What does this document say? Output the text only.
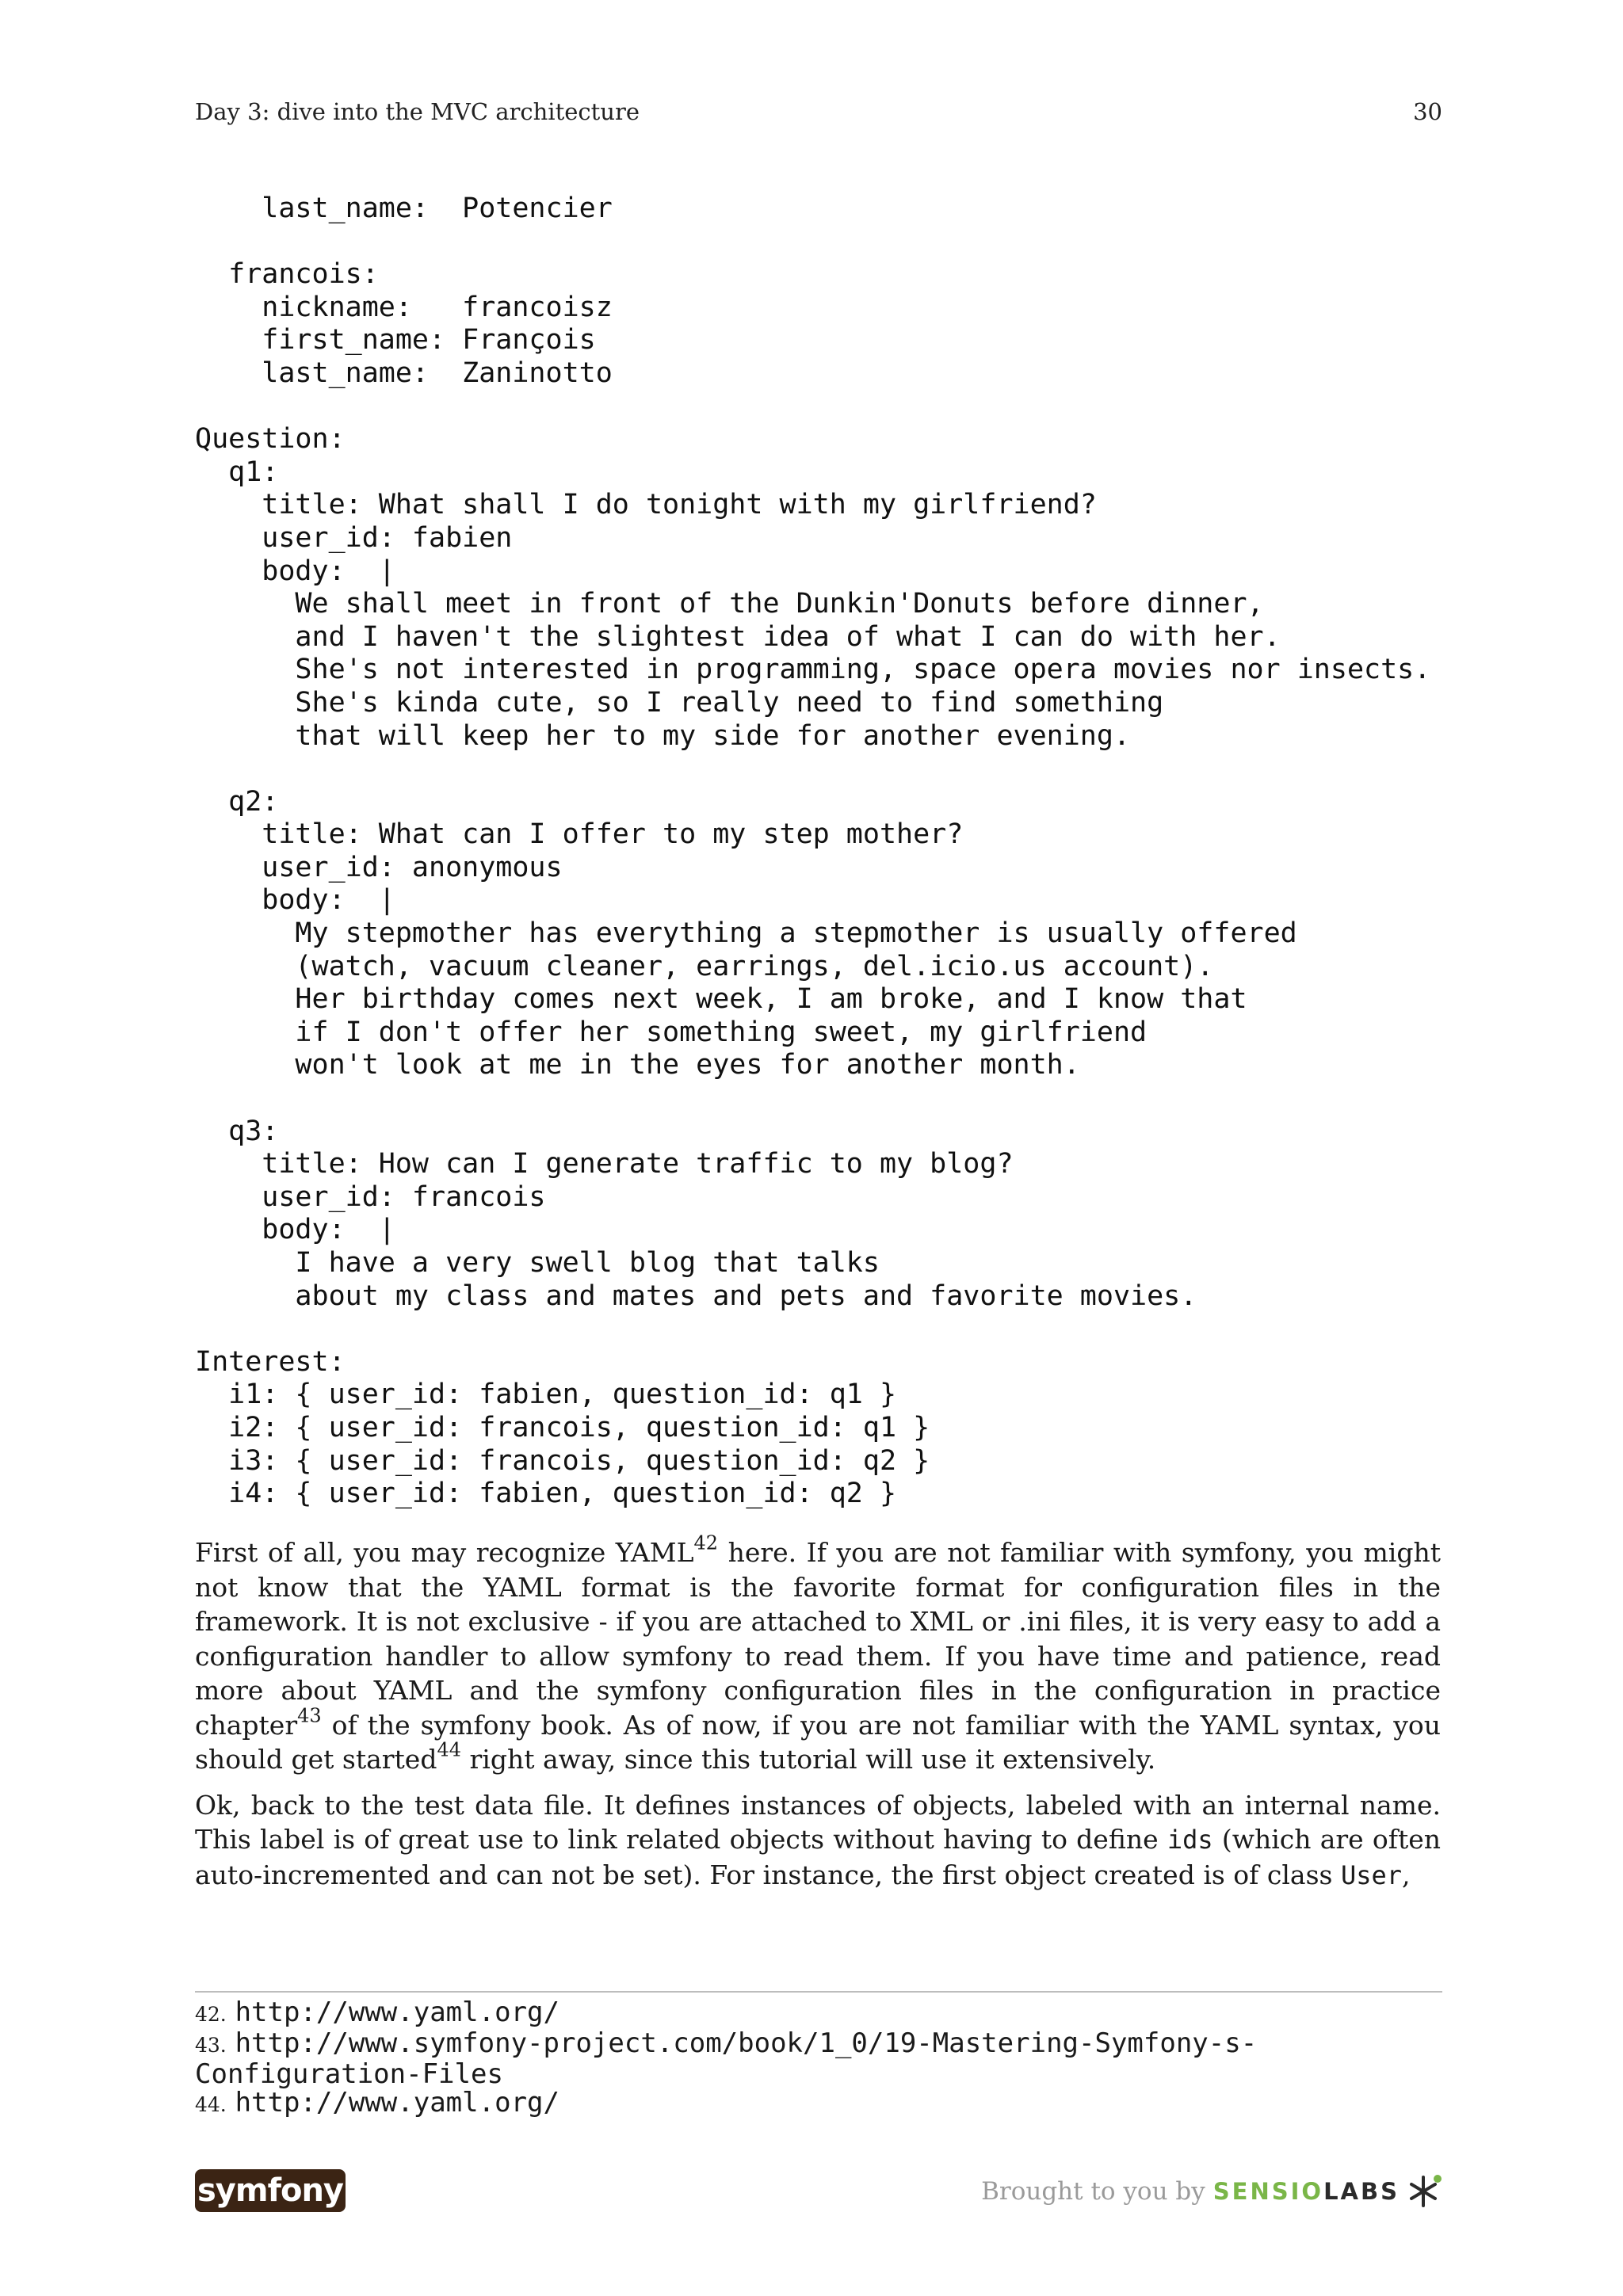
Day 3: dive into the MVC architecture	30
last_name:  Potencier
francois:
nickname:   francoisz
first_name: François
last_name:  Zaninotto
Question:
q1:
title: What shall I do tonight with my girlfriend?
user_id: fabien
body:  |
We shall meet in front of the Dunkin'Donuts before dinner,
and I haven't the slightest idea of what I can do with her.
She's not interested in programming, space opera movies nor insects.
She's kinda cute, so I really need to find something
that will keep her to my side for another evening.
q2:
title: What can I offer to my step mother?
user_id: anonymous
body:  |
My stepmother has everything a stepmother is usually offered
(watch, vacuum cleaner, earrings, del.icio.us account).
Her birthday comes next week, I am broke, and I know that
if I don't offer her something sweet, my girlfriend
won't look at me in the eyes for another month.
q3:
title: How can I generate traffic to my blog?
user_id: francois
body:  |
I have a very swell blog that talks
about my class and mates and pets and favorite movies.
Interest:
i1: { user_id: fabien, question_id: q1 }
i2: { user_id: francois, question_id: q1 }
i3: { user_id: francois, question_id: q2 }
i4: { user_id: fabien, question_id: q2 }

First of all, you may recognize YAML$^{42}$ here. If you are not familiar with symfony, you might not know that the YAML format is the favorite format for configuration files in the framework. It is not exclusive - if you are attached to XML or .ini files, it is very easy to add a configuration handler to allow symfony to read them. If you have time and patience, read more about YAML and the symfony configuration files in the configuration in practice chapter$^{43}$ of the symfony book. As of now, if you are not familiar with the YAML syntax, you should get started$^{44}$ right away, since this tutorial will use it extensively.

Ok, back to the test data file. It defines instances of objects, labeled with an internal name. This label is of great use to link related objects without having to define ids (which are often auto-incremented and can not be set). For instance, the first object created is of class User,

42. http://www.yaml.org/
43. http://www.symfony-project.com/book/1_0/19-Mastering-Symfony-s-
Configuration-Files
44. http://www.yaml.org/
symfony	Brought to you by SENSIOLABS
